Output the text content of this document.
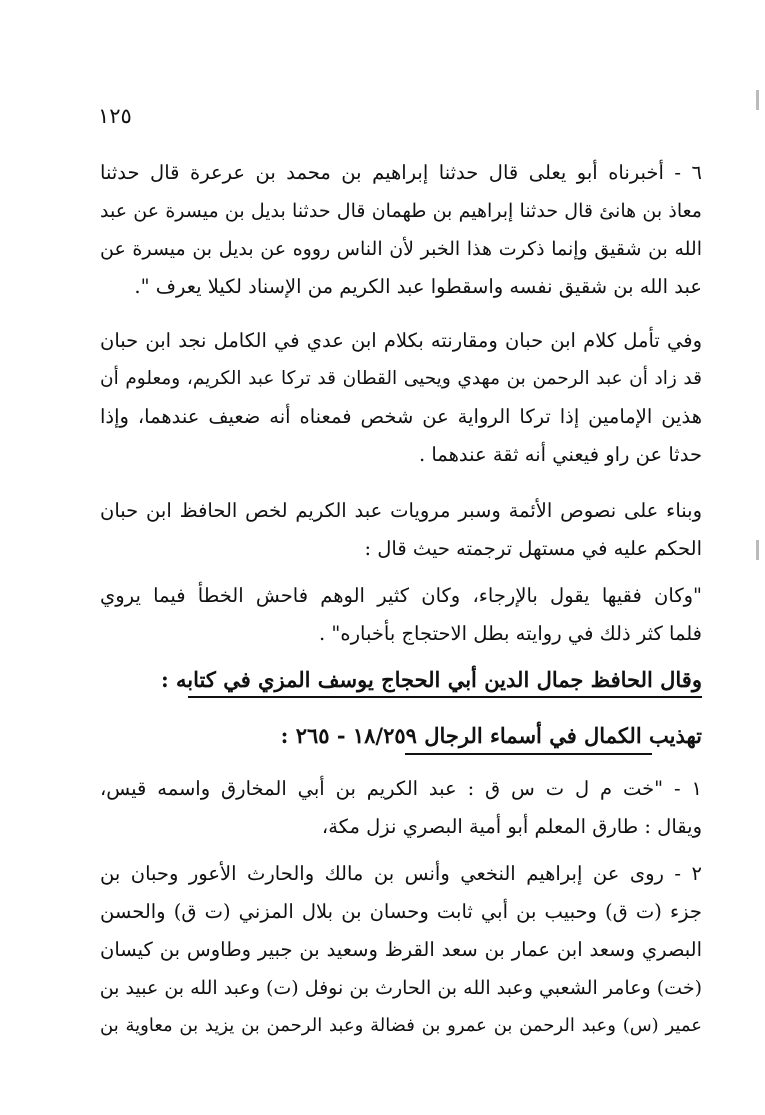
١٢٥
٦ - أخبرناه أبو يعلى قال حدثنا إبراهيم بن محمد بن عرعرة قال حدثنا
معاذ بن هانئ قال حدثنا إبراهيم بن طهمان قال حدثنا بديل بن ميسرة عن عبد
الله بن شقيق وإنما ذكرت هذا الخبر لأن الناس رووه عن بديل بن ميسرة عن
عبد الله بن شقيق نفسه واسقطوا عبد الكريم من الإسناد لكيلا يعرف ".
وفي تأمل كلام ابن حبان ومقارنته بكلام ابن عدي في الكامل نجد ابن حبان
قد زاد أن عبد الرحمن بن مهدي ويحيى القطان قد تركا عبد الكريم، ومعلوم أن
هذين الإمامين إذا تركا الرواية عن شخص فمعناه أنه ضعيف عندهما، وإذا
حدثا عن راو فيعني أنه ثقة عندهما .
وبناء على نصوص الأئمة وسبر مرويات عبد الكريم لخص الحافظ ابن حبان
الحكم عليه في مستهل ترجمته حيث قال :
"وكان فقيها يقول بالإرجاء، وكان كثير الوهم فاحش الخطأ فيما يروي
فلما كثر ذلك في روايته بطل الاحتجاج بأخباره" .
وقال الحافظ جمال الدين أبي الحجاج يوسف المزي في كتابه :
تهذيب الكمال في أسماء الرجال ١٨/٢٥٩ - ٢٦٥ :
١ - "خت م ل ت س ق : عبد الكريم بن أبي المخارق واسمه قيس،
ويقال : طارق المعلم أبو أمية البصري نزل مكة،
٢ - روى عن إبراهيم النخعي وأنس بن مالك والحارث الأعور وحبان بن
جزء (ت ق) وحبيب بن أبي ثابت وحسان بن بلال المزني (ت ق) والحسن
البصري وسعد ابن عمار بن سعد القرظ وسعيد بن جبير وطاوس بن كيسان
(خت) وعامر الشعبي وعبد الله بن الحارث بن نوفل (ت) وعبد الله بن عبيد بن
عمير (س) وعبد الرحمن بن عمرو بن فضالة وعبد الرحمن بن يزيد بن معاوية بن
